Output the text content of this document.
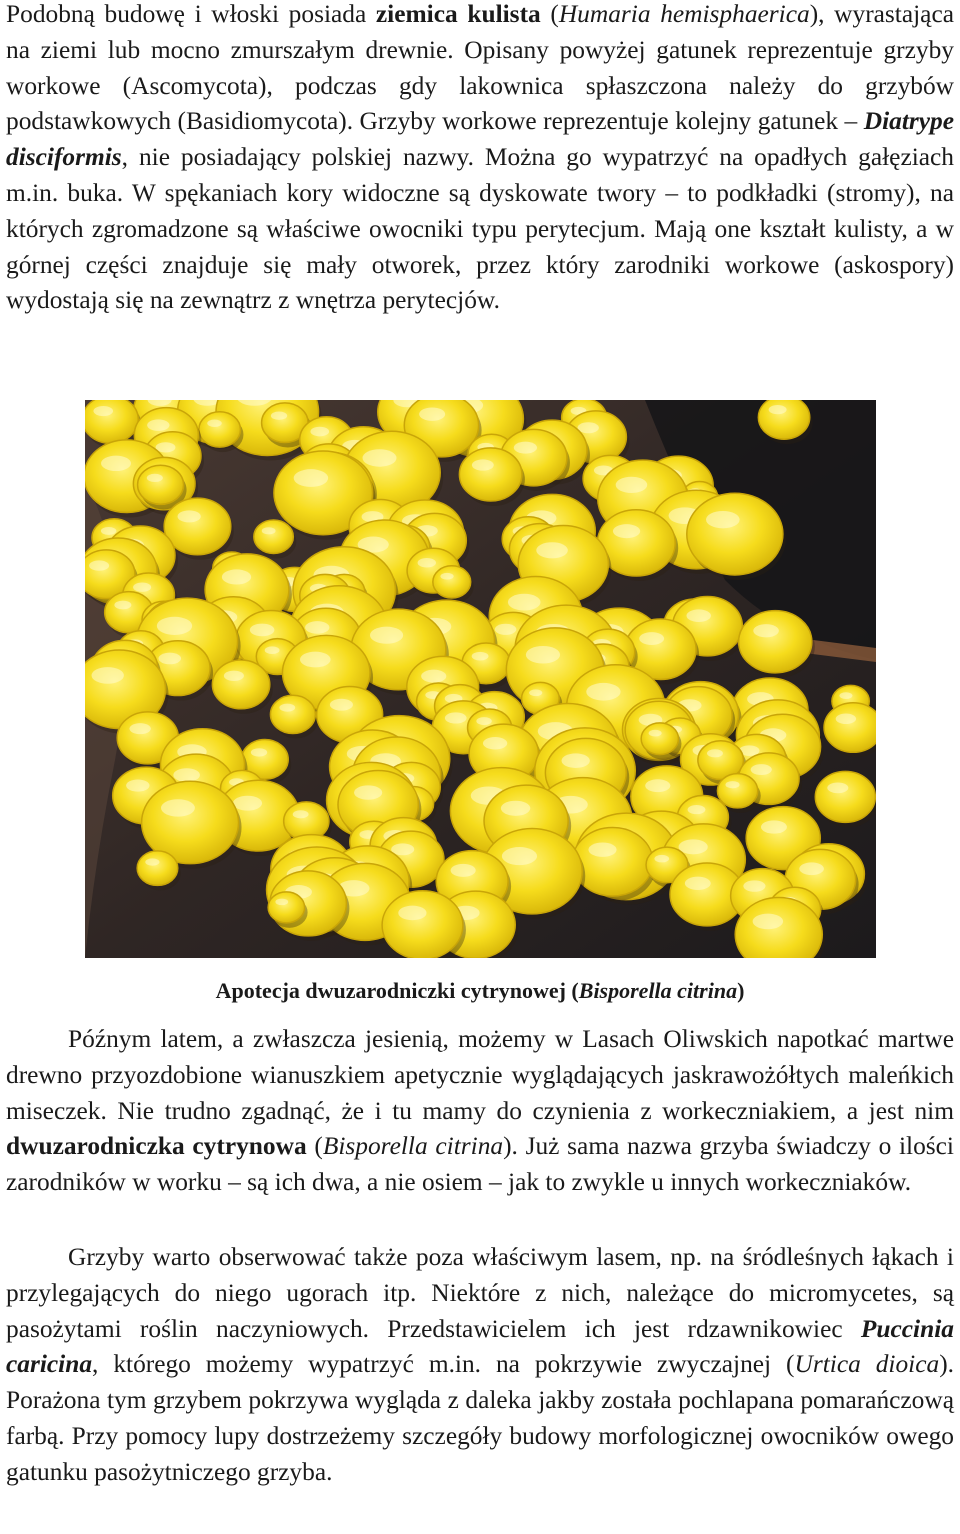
Podobną budowę i włoski posiada ziemica kulista (Humaria hemisphaerica), wyrastająca na ziemi lub mocno zmurszałym drewnie. Opisany powyżej gatunek reprezentuje grzyby workowe (Ascomycota), podczas gdy lakownica spłaszczona należy do grzybów podstawkowych (Basidiomycota). Grzyby workowe reprezentuje kolejny gatunek – Diatrype disciformis, nie posiadający polskiej nazwy. Można go wypatrzyć na opadłych gałęziach m.in. buka. W spękaniach kory widoczne są dyskowate twory – to podkładki (stromy), na których zgromadzone są właściwe owocniki typu perytecjum. Mają one kształt kulisty, a w górnej części znajduje się mały otworek, przez który zarodniki workowe (askospory) wydostają się na zewnątrz z wnętrza perytecjów.
Apotecja dwuzarodniczki cytrynowej (Bisporella citrina)
Późnym latem, a zwłaszcza jesienią, możemy w Lasach Oliwskich napotkać martwe drewno przyozdobione wianuszkiem apetycznie wyglądających jaskrawożółtych maleńkich miseczek. Nie trudno zgadnąć, że i tu mamy do czynienia z workeczniakiem, a jest nim dwuzarodniczka cytrynowa (Bisporella citrina). Już sama nazwa grzyba świadczy o ilości zarodników w worku – są ich dwa, a nie osiem – jak to zwykle u innych workeczniaków.
Grzyby warto obserwować także poza właściwym lasem, np. na śródleśnych łąkach i przylegających do niego ugorach itp. Niektóre z nich, należące do micromycetes, są pasożytami roślin naczyniowych. Przedstawicielem ich jest rdzawnikowiec Puccinia caricina, którego możemy wypatrzyć m.in. na pokrzywie zwyczajnej (Urtica dioica). Porażona tym grzybem pokrzywa wygląda z daleka jakby została pochlapana pomarańczową farbą. Przy pomocy lupy dostrzeżemy szczegóły budowy morfologicznej owocników owego gatunku pasożytniczego grzyba.
